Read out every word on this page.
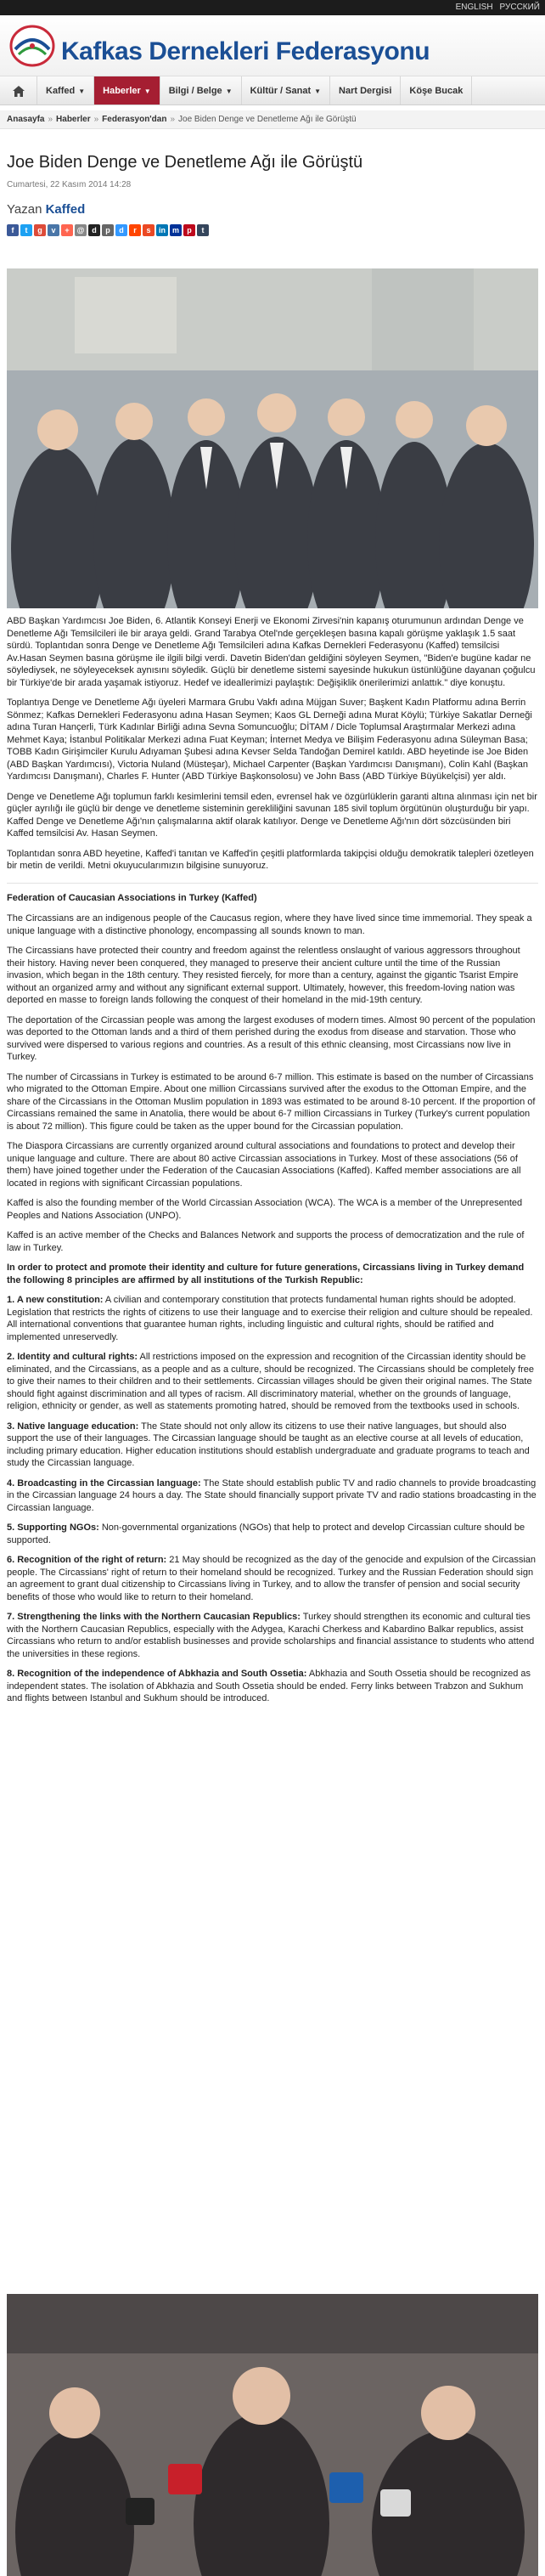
ENGLISH РУССКИЙ
Kafkas Dernekleri Federasyonu
Kaffed ▼ Haberler ▼ Bilgi / Belge ▼ Kültür / Sanat ▼ Nart Dergisi Köşe Bucak
Anasayfa » Haberler » Federasyon'dan » Joe Biden Denge ve Denetleme Ağı ile Görüştü
Joe Biden Denge ve Denetleme Ağı ile Görüştü
Cumartesi, 22 Kasım 2014 14:28
Yazan Kaffed
f t g v + @ d p d r s in m p t

ABD Başkan Yardımcısı Joe Biden, 6. Atlantik Konseyi Enerji ve Ekonomi Zirvesi'nin kapanış oturumunun ardından Denge ve Denetleme Ağı Temsilcileri ile bir araya geldi. Grand Tarabya Otel'nde gerçekleşen basına kapalı görüşme yaklaşık 1.5 saat sürdü. Toplantıdan sonra Denge ve Denetleme Ağı Temsilcileri adına Kafkas Dernekleri Federasyonu (Kaffed) temsilcisi Av.Hasan Seymen basına görüşme ile ilgili bilgi verdi. Davetin Biden'dan geldiğini söyleyen Seymen, "Biden'e bugüne kadar ne söylediysek, ne söyleyeceksek aynısını söyledik. Güçlü bir denetleme sistemi sayesinde hukukun üstünlüğüne dayanan çoğulcu bir Türkiye'de bir arada yaşamak istiyoruz. Hedef ve ideallerimizi paylaştık: Değişiklik önerilerimizi anlattık." diye konuştu.

Toplantıya Denge ve Denetleme Ağı üyeleri Marmara Grubu Vakfı adına Müjgan Suver; Başkent Kadın Platformu adına Berrin Sönmez; Kafkas Dernekleri Federasyonu adına Hasan Seymen; Kaos GL Derneği adına Murat Köylü; Türkiye Sakatlar Derneği adına Turan Hançerli, Türk Kadınlar Birliği adına Sevna Somuncuoğlu; DİTAM / Dicle Toplumsal Araştırmalar Merkezi adına Mehmet Kaya; İstanbul Politikalar Merkezi adına Fuat Keyman; İnternet Medya ve Bilişim Federasyonu adına Süleyman Basa; TOBB Kadın Girişimciler Kurulu Adıyaman Şubesi adına Kevser Selda Tandoğan Demirel katıldı. ABD heyetinde ise Joe Biden (ABD Başkan Yardımcısı), Victoria Nuland (Müsteşar), Michael Carpenter (Başkan Yardımcısı Danışmanı), Colin Kahl (Başkan Yardımcısı Danışmanı), Charles F. Hunter (ABD Türkiye Başkonsolosu) ve John Bass (ABD Türkiye Büyükelçisi) yer aldı.

Denge ve Denetleme Ağı toplumun farklı kesimlerini temsil eden, evrensel hak ve özgürlüklerin garanti altına alınması için net bir güçler ayrılığı ile güçlü bir denge ve denetleme sisteminin gerekliliğini savunan 185 sivil toplum örgütünün oluşturduğu bir yapı. Kaffed Denge ve Denetleme Ağı'nın çalışmalarına aktif olarak katılıyor. Denge ve Denetleme Ağı'nın dört sözcüsünden biri Kaffed temsilcisi Av. Hasan Seymen.

Toplantıdan sonra ABD heyetine, Kaffed'i tanıtan ve Kaffed'in çeşitli platformlarda takipçisi olduğu demokratik talepleri özetleyen bir metin de verildi. Metni okuyucularımızın bilgisine sunuyoruz.

Federation of Caucasian Associations in Turkey (Kaffed)

The Circassians are an indigenous people of the Caucasus region, where they have lived since time immemorial. They speak a unique language with a distinctive phonology, encompassing all sounds known to man.

The Circassians have protected their country and freedom against the relentless onslaught of various aggressors throughout their history. Having never been conquered, they managed to preserve their ancient culture until the time of the Russian invasion, which began in the 18th century. They resisted fiercely, for more than a century, against the gigantic Tsarist Empire without an organized army and without any significant external support. Ultimately, however, this freedom-loving nation was deported en masse to foreign lands following the conquest of their homeland in the mid-19th century.

The deportation of the Circassian people was among the largest exoduses of modern times. Almost 90 percent of the population was deported to the Ottoman lands and a third of them perished during the exodus from disease and starvation. Those who survived were dispersed to various regions and countries. As a result of this ethnic cleansing, most Circassians now live in Turkey.

The number of Circassians in Turkey is estimated to be around 6-7 million. This estimate is based on the number of Circassians who migrated to the Ottoman Empire. About one million Circassians survived after the exodus to the Ottoman Empire, and the share of the Circassians in the Ottoman Muslim population in 1893 was estimated to be around 8-10 percent. If the proportion of Circassians remained the same in Anatolia, there would be about 6-7 million Circassians in Turkey (Turkey's current population is about 72 million). This figure could be taken as the upper bound for the Circassian population.

The Diaspora Circassians are currently organized around cultural associations and foundations to protect and develop their unique language and culture. There are about 80 active Circassian associations in Turkey. Most of these associations (56 of them) have joined together under the Federation of the Caucasian Associations (Kaffed). Kaffed member associations are all located in regions with significant Circassian populations.

Kaffed is also the founding member of the World Circassian Association (WCA). The WCA is a member of the Unrepresented Peoples and Nations Association (UNPO).

Kaffed is an active member of the Checks and Balances Network and supports the process of democratization and the rule of law in Turkey.

In order to protect and promote their identity and culture for future generations, Circassians living in Turkey demand the following 8 principles are affirmed by all institutions of the Turkish Republic:

1. A new constitution: A civilian and contemporary constitution that protects fundamental human rights should be adopted. Legislation that restricts the rights of citizens to use their language and to exercise their religion and culture should be repealed. All international conventions that guarantee human rights, including linguistic and cultural rights, should be ratified and implemented unreservedly.

2. Identity and cultural rights: All restrictions imposed on the expression and recognition of the Circassian identity should be eliminated, and the Circassians, as a people and as a culture, should be recognized. The Circassians should be completely free to give their names to their children and to their settlements. Circassian villages should be given their original names. The State should fight against discrimination and all types of racism. All discriminatory material, whether on the grounds of language, religion, ethnicity or gender, as well as statements promoting hatred, should be removed from the textbooks used in schools.

3. Native language education: The State should not only allow its citizens to use their native languages, but should also support the use of their languages. The Circassian language should be taught as an elective course at all levels of education, including primary education. Higher education institutions should establish undergraduate and graduate programs to teach and study the Circassian language.

4. Broadcasting in the Circassian language: The State should establish public TV and radio channels to provide broadcasting in the Circassian language 24 hours a day. The State should financially support private TV and radio stations broadcasting in the Circassian language.

5. Supporting NGOs: Non-governmental organizations (NGOs) that help to protect and develop Circassian culture should be supported.

6. Recognition of the right of return: 21 May should be recognized as the day of the genocide and expulsion of the Circassian people. The Circassians' right of return to their homeland should be recognized. Turkey and the Russian Federation should sign an agreement to grant dual citizenship to Circassians living in Turkey, and to allow the transfer of pension and social security benefits of those who would like to return to their homeland.

7. Strengthening the links with the Northern Caucasian Republics: Turkey should strengthen its economic and cultural ties with the Northern Caucasian Republics, especially with the Adygea, Karachi Cherkess and Kabardino Balkar republics, assist Circassians who return to and/or establish businesses and provide scholarships and financial assistance to students who attend the universities in these regions.

8. Recognition of the independence of Abkhazia and South Ossetia: Abkhazia and South Ossetia should be recognized as independent states. The isolation of Abkhazia and South Ossetia should be ended. Ferry links between Trabzon and Sukhum and flights between Istanbul and Sukhum should be introduced.
